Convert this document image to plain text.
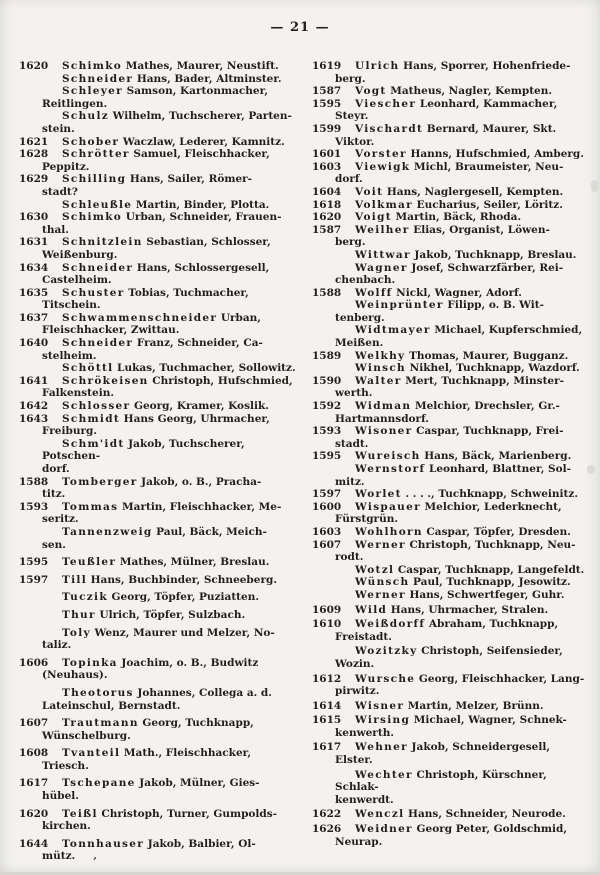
— 21 —
1620 Schimko Mathes, Maurer, Neustift.
Schneider Hans, Bader, Altminster.
Schleyer Samson, Kartonmacher,
Reitlingen.
Schulz Wilhelm, Tuchscherer, Parten-
stein.
1621 Schober Waczlaw, Lederer, Kamnitz.
1628 Schrötter Samuel, Fleischhacker,
Peppitz.
1629 Schilling Hans, Sailer, Römer-
stadt?
Schleußle Martin, Binder, Plotta.
1630 Schimko Urban, Schneider, Frauen-
thal.
1631 Schnitzlein Sebastian, Schlosser,
Weißenburg.
1634 Schneider Hans, Schlossergesell,
Castelheim.
1635 Schuster Tobias, Tuchmacher,
Titschein.
1637 Schwammenschneider Urban,
Fleischhacker, Zwittau.
1640 Schneider Franz, Schneider, Ca-
stelheim.
Schöttl Lukas, Tuchmacher, Sollowitz.
1641 Schrökeisen Christoph, Hufschmied,
Falkenstein.
1642 Schlosser Georg, Kramer, Koslik.
1643 Schmidt Hans Georg, Uhrmacher,
Freiburg.
Schm'idt Jakob, Tuchscherer, Potschen-
dorf.
1588 Tomberger Jakob, o. B., Pracha-
titz.
1593 Tommas Martin, Fleischhacker, Me-
seritz.
Tannenzweig Paul, Bäck, Meich-
sen.
1595 Teußler Mathes, Mülner, Breslau.
1597 Till Hans, Buchbinder, Schneeberg.
Tuczik Georg, Töpfer, Puziatten.
Thur Ulrich, Töpfer, Sulzbach.
Toly Wenz, Maurer und Melzer, No-
taliz.
1606 Topinka Joachim, o. B., Budwitz
(Neuhaus).
Theotorus Johannes, Collega a. d.
Lateinschul, Bernstadt.
1607 Trautmann Georg, Tuchknapp,
Wünschelburg.
1608 Tvanteil Math., Fleischhacker,
Triesch.
1617 Tschepane Jakob, Mülner, Gies-
hübel.
1620 Teißl Christoph, Turner, Gumpolds-
kirchen.
1644 Tonnhauser Jakob, Balbier, Ol-
mütz.
1619 Ulrich Hans, Sporrer, Hohenfriede-
berg.
1587 Vogt Matheus, Nagler, Kempten.
1595 Viescher Leonhard, Kammacher,
Steyr.
1599 Vischardt Bernard, Maurer, Skt.
Viktor.
1601 Vorster Hanns, Hufschmied, Amberg.
1603 Viewigk Michl, Braumeister, Neu-
dorf.
1604 Voit Hans, Naglergesell, Kempten.
1618 Volkmar Eucharius, Seiler, Löritz.
1620 Voigt Martin, Bäck, Rhoda.
1587 Weilher Elias, Organist, Löwen-
berg.
Wittwar Jakob, Tuchknapp, Breslau.
Wagner Josef, Schwarzfärber, Rei-
chenbach.
1588 Wolff Nickl, Wagner, Adorf.
Weinprünter Filipp, o. B. Wit-
tenberg.
Widtmayer Michael, Kupferschmied,
Meißen.
1589 Welkhy Thomas, Maurer, Bugganz.
Winsch Nikhel, Tuchknapp, Wazdorf.
1590 Walter Mert, Tuchknapp, Minster-
werth.
1592 Widman Melchior, Drechsler, Gr.-
Hartmannsdorf.
1593 Wisoner Caspar, Tuchknapp, Frei-
stadt.
1595 Wureisch Hans, Bäck, Marienberg.
Wernstorf Leonhard, Blattner, Sol-
mitz.
1597 Worlet . . . ., Tuchknapp, Schweinitz.
1600 Wispauer Melchior, Lederknecht,
Fürstgrün.
1603 Wohlhorn Caspar, Töpfer, Dresden.
1607 Werner Christoph, Tuchknapp, Neu-
rodt.
Wotzl Caspar, Tuchknapp, Langefeldt.
Wünsch Paul, Tuchknapp, Jesowitz.
Werner Hans, Schwertfeger, Guhr.
1609 Wild Hans, Uhrmacher, Stralen.
1610 Weißdorff Abraham, Tuchknapp,
Freistadt.
Wozitzky Christoph, Seifensieder,
Wozin.
1612 Wursche Georg, Fleischhacker, Lang-
pirwitz.
1614 Wisner Martin, Melzer, Brünn.
1615 Wirsing Michael, Wagner, Schnek-
kenwerth.
1617 Wehner Jakob, Schneidergesell, Elster.
Wechter Christoph, Kürschner, Schlak-
kenwerdt.
1622 Wenczl Hans, Schneider, Neurode.
1626 Weidner Georg Peter, Goldschmid,
Neurap.
’
